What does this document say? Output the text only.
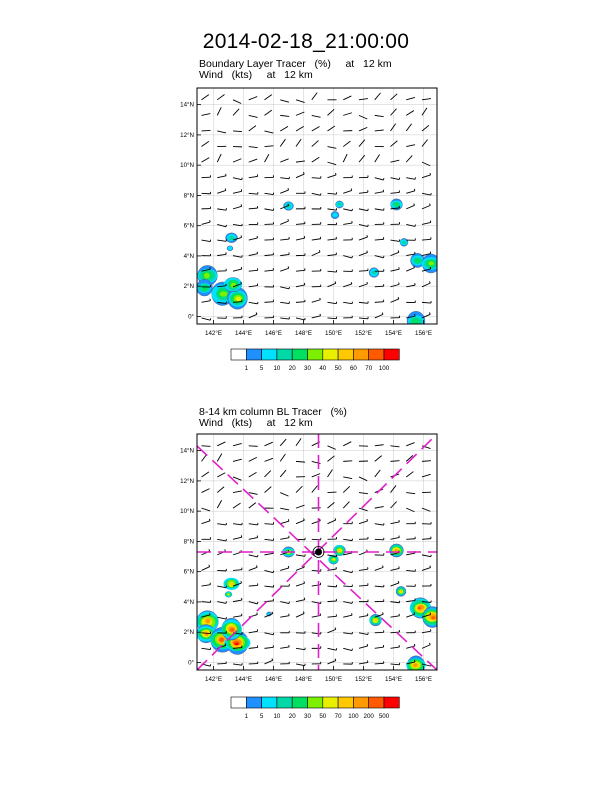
2014-02-18_21:00:00
Boundary Layer Tracer   (%)     at   12 km
Wind   (kts)     at   12 km
8-14 km column BL Tracer   (%)
Wind   (kts)     at   12 km
142°E 144°E 146°E 148°E 150°E 152°E 154°E 156°E
0°
2°N
4°N
6°N
8°N
10°N
12°N
14°N
1 5 10 20 30 40 50 60 70 100
142°E 144°E 146°E 148°E 150°E 152°E 154°E 156°E
0°
2°N
4°N
6°N
8°N
10°N
12°N
14°N
1 5 10 20 30 50 70 100 200 500
